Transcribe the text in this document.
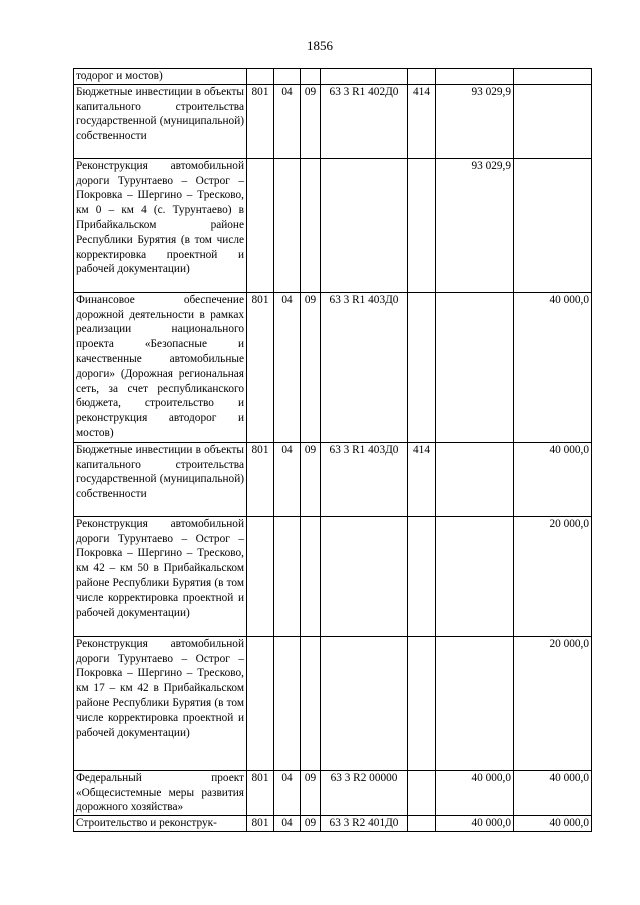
1856
тодорог и мостов)							
Бюджетные инвестиции в объекты капитального строительства государственной (муниципальной) собственности	801	04	09	63 3 R1 402Д0	414	93 029,9	
Реконструкция автомобильной дороги Турунтаево – Острог – Покровка – Шергино – Тресково, км 0 – км 4 (с. Турунтаево) в Прибайкальском районе Республики Бурятия (в том числе корректировка проектной и рабочей документации)						93 029,9	
Финансовое обеспечение дорожной деятельности в рамках реализации национального проекта «Безопасные и качественные автомобильные дороги» (Дорожная региональная сеть, за счет республиканского бюджета, строительство и реконструкция автодорог и мостов)	801	04	09	63 3 R1 403Д0			40 000,0
Бюджетные инвестиции в объекты капитального строительства государственной (муниципальной) собственности	801	04	09	63 3 R1 403Д0	414		40 000,0
Реконструкция автомобильной дороги Турунтаево – Острог – Покровка – Шергино – Тресково, км 42 – км 50 в Прибайкальском районе Республики Бурятия (в том числе корректировка проектной и рабочей документации)							20 000,0
Реконструкция автомобильной дороги Турунтаево – Острог – Покровка – Шергино – Тресково, км 17 – км 42 в Прибайкальском районе Республики Бурятия (в том числе корректировка проектной и рабочей документации)							20 000,0
Федеральный проект «Общесистемные меры развития дорожного хозяйства»	801	04	09	63 3 R2 00000		40 000,0	40 000,0
Строительство и реконструк-	801	04	09	63 3 R2 401Д0		40 000,0	40 000,0
